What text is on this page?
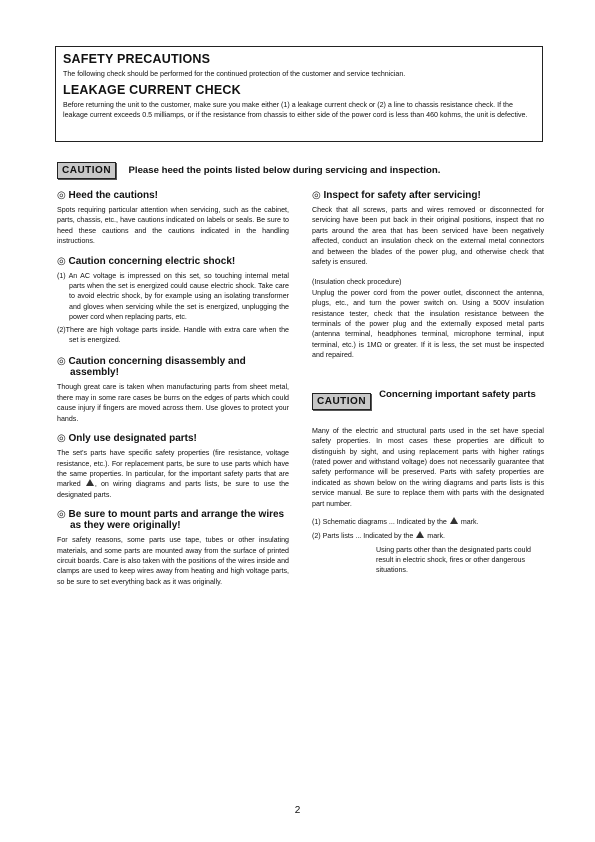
SAFETY PRECAUTIONS

The following check should be performed for the continued protection of the customer and service technician.

LEAKAGE CURRENT CHECK

Before returning the unit to the customer, make sure you make either (1) a leakage current check or (2) a line to chassis resistance check. If the leakage current exceeds 0.5 milliamps, or if the resistance from chassis to either side of the power cord is less than 460 kohms, the unit is defective.

CAUTION Please heed the points listed below during servicing and inspection.

◎ Heed the cautions!

Spots requiring particular attention when servicing, such as the cabinet, parts, chassis, etc., have cautions indicated on labels or seals. Be sure to heed these cautions and the cautions indicated in the handling instructions.

◎ Caution concerning electric shock!

(1) An AC voltage is impressed on this set, so touching internal metal parts when the set is energized could cause electric shock. Take care to avoid electric shock, by for example using an isolating transformer and gloves when servicing while the set is energized, unplugging the power cord when replacing parts, etc.

(2)There are high voltage parts inside. Handle with extra care when the set is energized.

◎ Caution concerning disassembly and assembly!

Though great care is taken when manufacturing parts from sheet metal, there may in some rare cases be burrs on the edges of parts which could cause injury if fingers are moved across them. Use gloves to protect your hands.

◎ Only use designated parts!

The set's parts have specific safety properties (fire resistance, voltage resistance, etc.). For replacement parts, be sure to use parts which have the same properties. In particular, for the important safety parts that are marked , on wiring diagrams and parts lists, be sure to use the designated parts.

◎ Be sure to mount parts and arrange the wires as they were originally!

For safety reasons, some parts use tape, tubes or other insulating materials, and some parts are mounted away from the surface of printed circuit boards. Care is also taken with the positions of the wires inside and clamps are used to keep wires away from heating and high voltage parts, so be sure to set everything back as it was originally.

◎ Inspect for safety after servicing!

Check that all screws, parts and wires removed or disconnected for servicing have been put back in their original positions, inspect that no parts around the area that has been serviced have been negatively affected, conduct an insulation check on the external metal connectors and between the blades of the power plug, and otherwise check that safety is ensured.

(Insulation check procedure)

Unplug the power cord from the power outlet, disconnect the antenna, plugs, etc., and turn the power switch on. Using a 500V insulation resistance tester, check that the insulation resistance between the terminals of the power plug and the externally exposed metal parts (antenna terminal, headphones terminal, microphone terminal, input terminal, etc.) is 1MΩ or greater. If it is less, the set must be inspected and repaired.

CAUTION
Concerning important safety parts

Many of the electric and structural parts used in the set have special safety properties. In most cases these properties are difficult to distinguish by sight, and using replacement parts with higher ratings (rated power and withstand voltage) does not necessarily guarantee that safety performance will be preserved. Parts with safety properties are indicated as shown below on the wiring diagrams and parts lists is this service manual. Be sure to replace them with parts with the designated part number.

(1) Schematic diagrams ... Indicated by the mark.

(2) Parts lists ... Indicated by the mark.

Using parts other than the designated parts could result in electric shock, fires or other dangerous situations.

2
